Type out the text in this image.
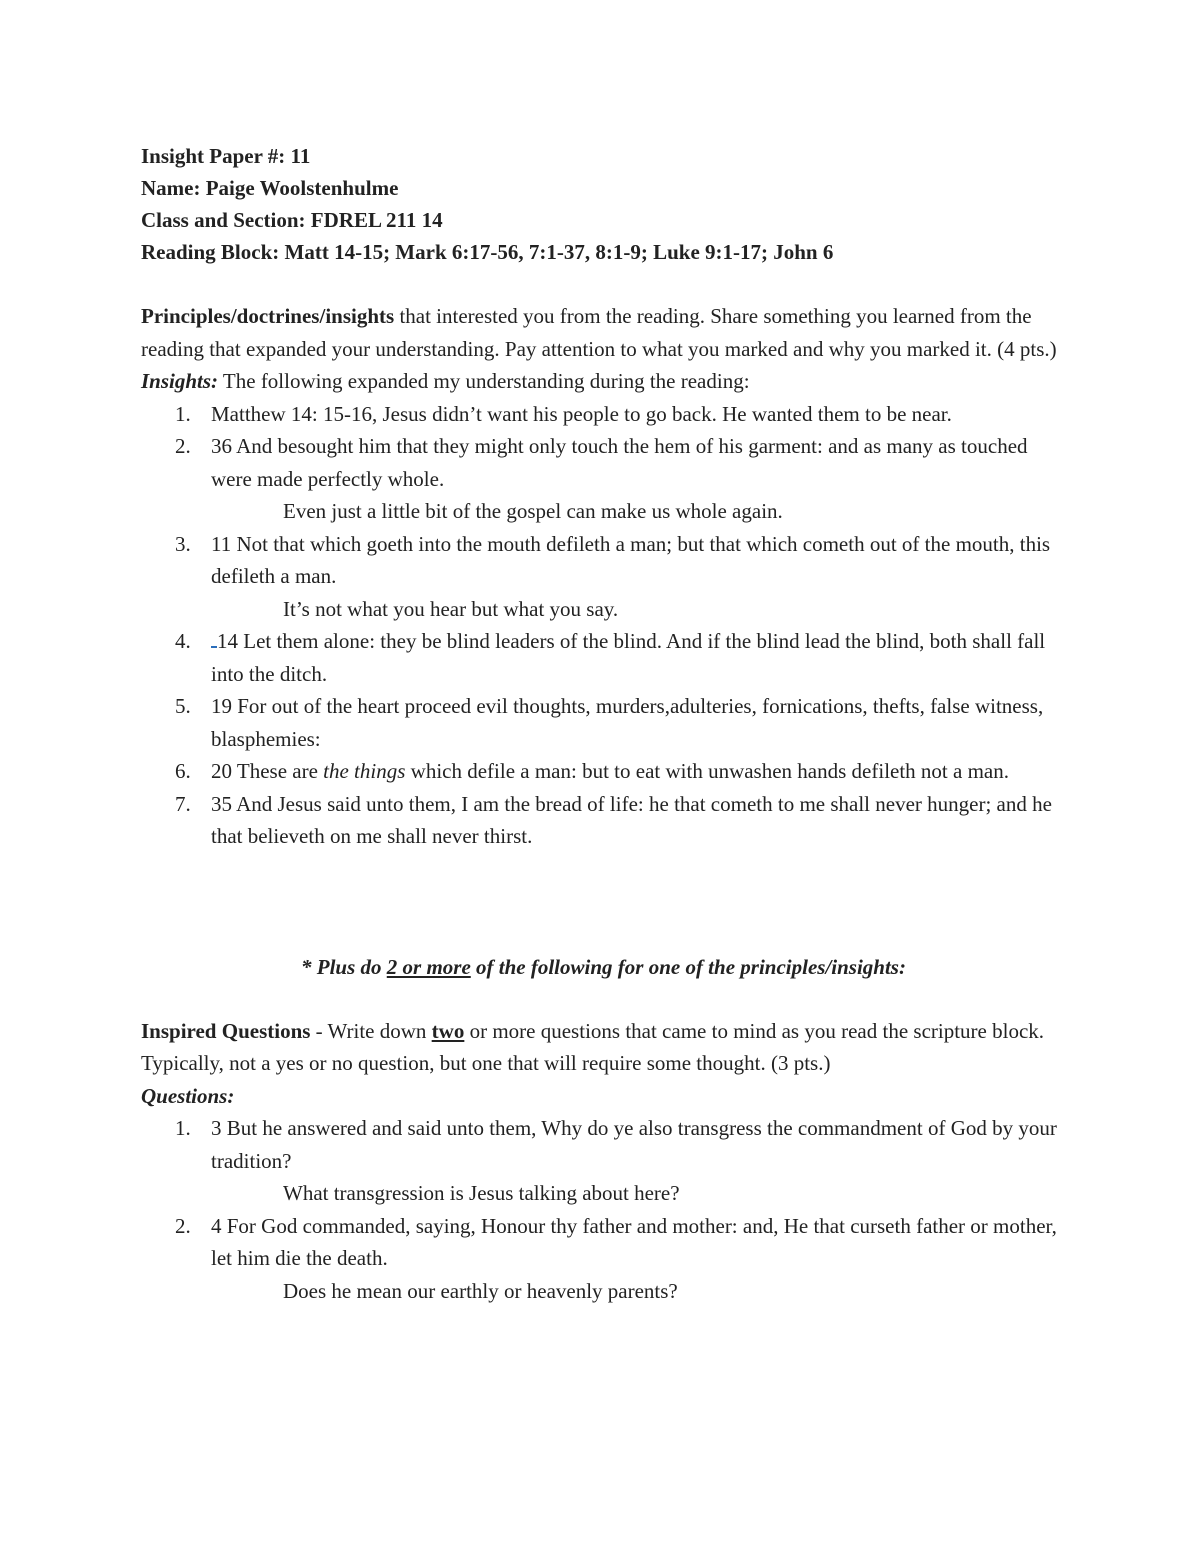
Insight Paper #: 11
Name: Paige Woolstenhulme
Class and Section: FDREL 211 14
Reading Block: Matt 14-15; Mark 6:17-56, 7:1-37, 8:1-9; Luke 9:1-17; John 6

Principles/doctrines/insights that interested you from the reading. Share something you learned from the reading that expanded your understanding. Pay attention to what you marked and why you marked it. (4 pts.)

Insights: The following expanded my understanding during the reading:

1. Matthew 14: 15-16, Jesus didn’t want his people to go back. He wanted them to be near.
2. 36 And besought him that they might only touch the hem of his garment: and as many as touched were made perfectly whole.
Even just a little bit of the gospel can make us whole again.
3. 11 Not that which goeth into the mouth defileth a man; but that which cometh out of the mouth, this defileth a man.
It’s not what you hear but what you say.
4. 14 Let them alone: they be blind leaders of the blind. And if the blind lead the blind, both shall fall into the ditch.
5. 19 For out of the heart proceed evil thoughts, murders,adulteries, fornications, thefts, false witness, blasphemies:
6. 20 These are the things which defile a man: but to eat with unwashen hands defileth not a man.
7. 35 And Jesus said unto them, I am the bread of life: he that cometh to me shall never hunger; and he that believeth on me shall never thirst.
* Plus do 2 or more of the following for one of the principles/insights:

Inspired Questions - Write down two or more questions that came to mind as you read the scripture block. Typically, not a yes or no question, but one that will require some thought. (3 pts.)

Questions:

1. 3 But he answered and said unto them, Why do ye also transgress the commandment of God by your tradition?
What transgression is Jesus talking about here?
2. 4 For God commanded, saying, Honour thy father and mother: and, He that curseth father or mother, let him die the death.
Does he mean our earthly or heavenly parents?
